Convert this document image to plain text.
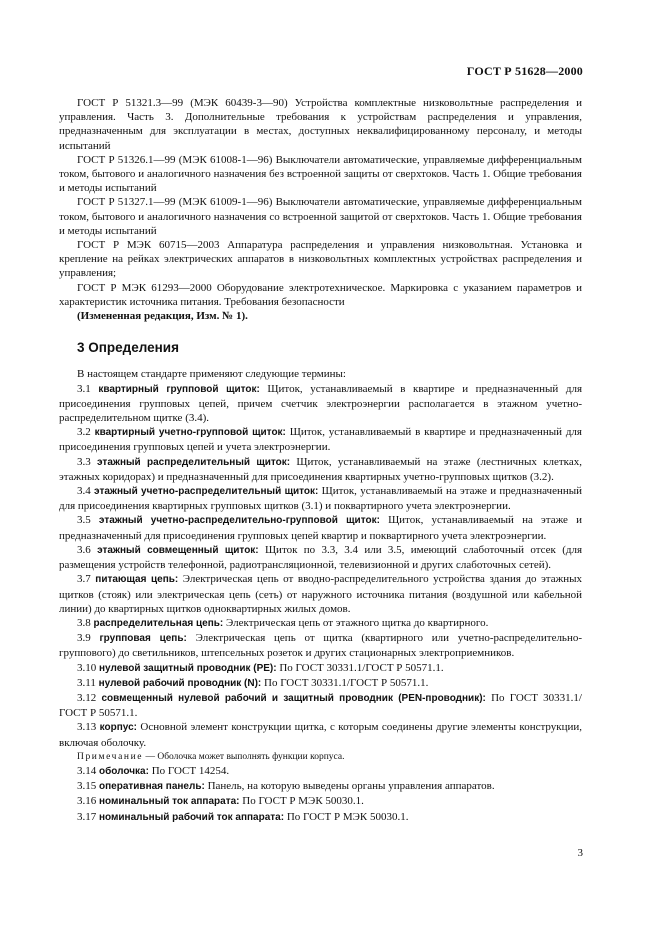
ГОСТ Р 51628—2000

ГОСТ Р 51321.3—99 (МЭК 60439-3—90) Устройства комплектные низковольтные распределения и управления. Часть 3. Дополнительные требования к устройствам распределения и управления, предназначенным для эксплуатации в местах, доступных неквалифицированному персоналу, и методы испытаний

ГОСТ Р 51326.1—99 (МЭК 61008-1—96) Выключатели автоматические, управляемые дифференциальным током, бытового и аналогичного назначения без встроенной защиты от сверхтоков. Часть 1. Общие требования и методы испытаний

ГОСТ Р 51327.1—99 (МЭК 61009-1—96) Выключатели автоматические, управляемые дифференциальным током, бытового и аналогичного назначения со встроенной защитой от сверхтоков. Часть 1. Общие требования и методы испытаний

ГОСТ Р МЭК 60715—2003 Аппаратура распределения и управления низковольтная. Установка и крепление на рейках электрических аппаратов в низковольтных комплектных устройствах распределения и управления;

ГОСТ Р МЭК 61293—2000 Оборудование электротехническое. Маркировка с указанием параметров и характеристик источника питания. Требования безопасности

(Измененная редакция, Изм. № 1).

3 Определения

В настоящем стандарте применяют следующие термины:

3.1 квартирный групповой щиток: Щиток, устанавливаемый в квартире и предназначенный для присоединения групповых цепей, причем счетчик электроэнергии располагается в этажном учетно-распределительном щитке (3.4).

3.2 квартирный учетно-групповой щиток: Щиток, устанавливаемый в квартире и предназначенный для присоединения групповых цепей и учета электроэнергии.

3.3 этажный распределительный щиток: Щиток, устанавливаемый на этаже (лестничных клетках, этажных коридорах) и предназначенный для присоединения квартирных учетно-групповых щитков (3.2).

3.4 этажный учетно-распределительный щиток: Щиток, устанавливаемый на этаже и предназначенный для присоединения квартирных групповых щитков (3.1) и поквартирного учета электроэнергии.

3.5 этажный учетно-распределительно-групповой щиток: Щиток, устанавливаемый на этаже и предназначенный для присоединения групповых цепей квартир и поквартирного учета электроэнергии.

3.6 этажный совмещенный щиток: Щиток по 3.3, 3.4 или 3.5, имеющий слаботочный отсек (для размещения устройств телефонной, радиотрансляционной, телевизионной и других слаботочных сетей).

3.7 питающая цепь: Электрическая цепь от вводно-распределительного устройства здания до этажных щитков (стояк) или электрическая цепь (сеть) от наружного источника питания (воздушной или кабельной линии) до квартирных щитков одноквартирных жилых домов.

3.8 распределительная цепь: Электрическая цепь от этажного щитка до квартирного.

3.9 групповая цепь: Электрическая цепь от щитка (квартирного или учетно-распределительно-группового) до светильников, штепсельных розеток и других стационарных электроприемников.

3.10 нулевой защитный проводник (PE): По ГОСТ 30331.1/ГОСТ Р 50571.1.

3.11 нулевой рабочий проводник (N): По ГОСТ 30331.1/ГОСТ Р 50571.1.

3.12 совмещенный нулевой рабочий и защитный проводник (PEN-проводник): По ГОСТ 30331.1/ГОСТ Р 50571.1.

3.13 корпус: Основной элемент конструкции щитка, с которым соединены другие элементы конструкции, включая оболочку.

Примечание — Оболочка может выполнять функции корпуса.

3.14 оболочка: По ГОСТ 14254.

3.15 оперативная панель: Панель, на которую выведены органы управления аппаратов.

3.16 номинальный ток аппарата: По ГОСТ Р МЭК 50030.1.

3.17 номинальный рабочий ток аппарата: По ГОСТ Р МЭК 50030.1.

3
